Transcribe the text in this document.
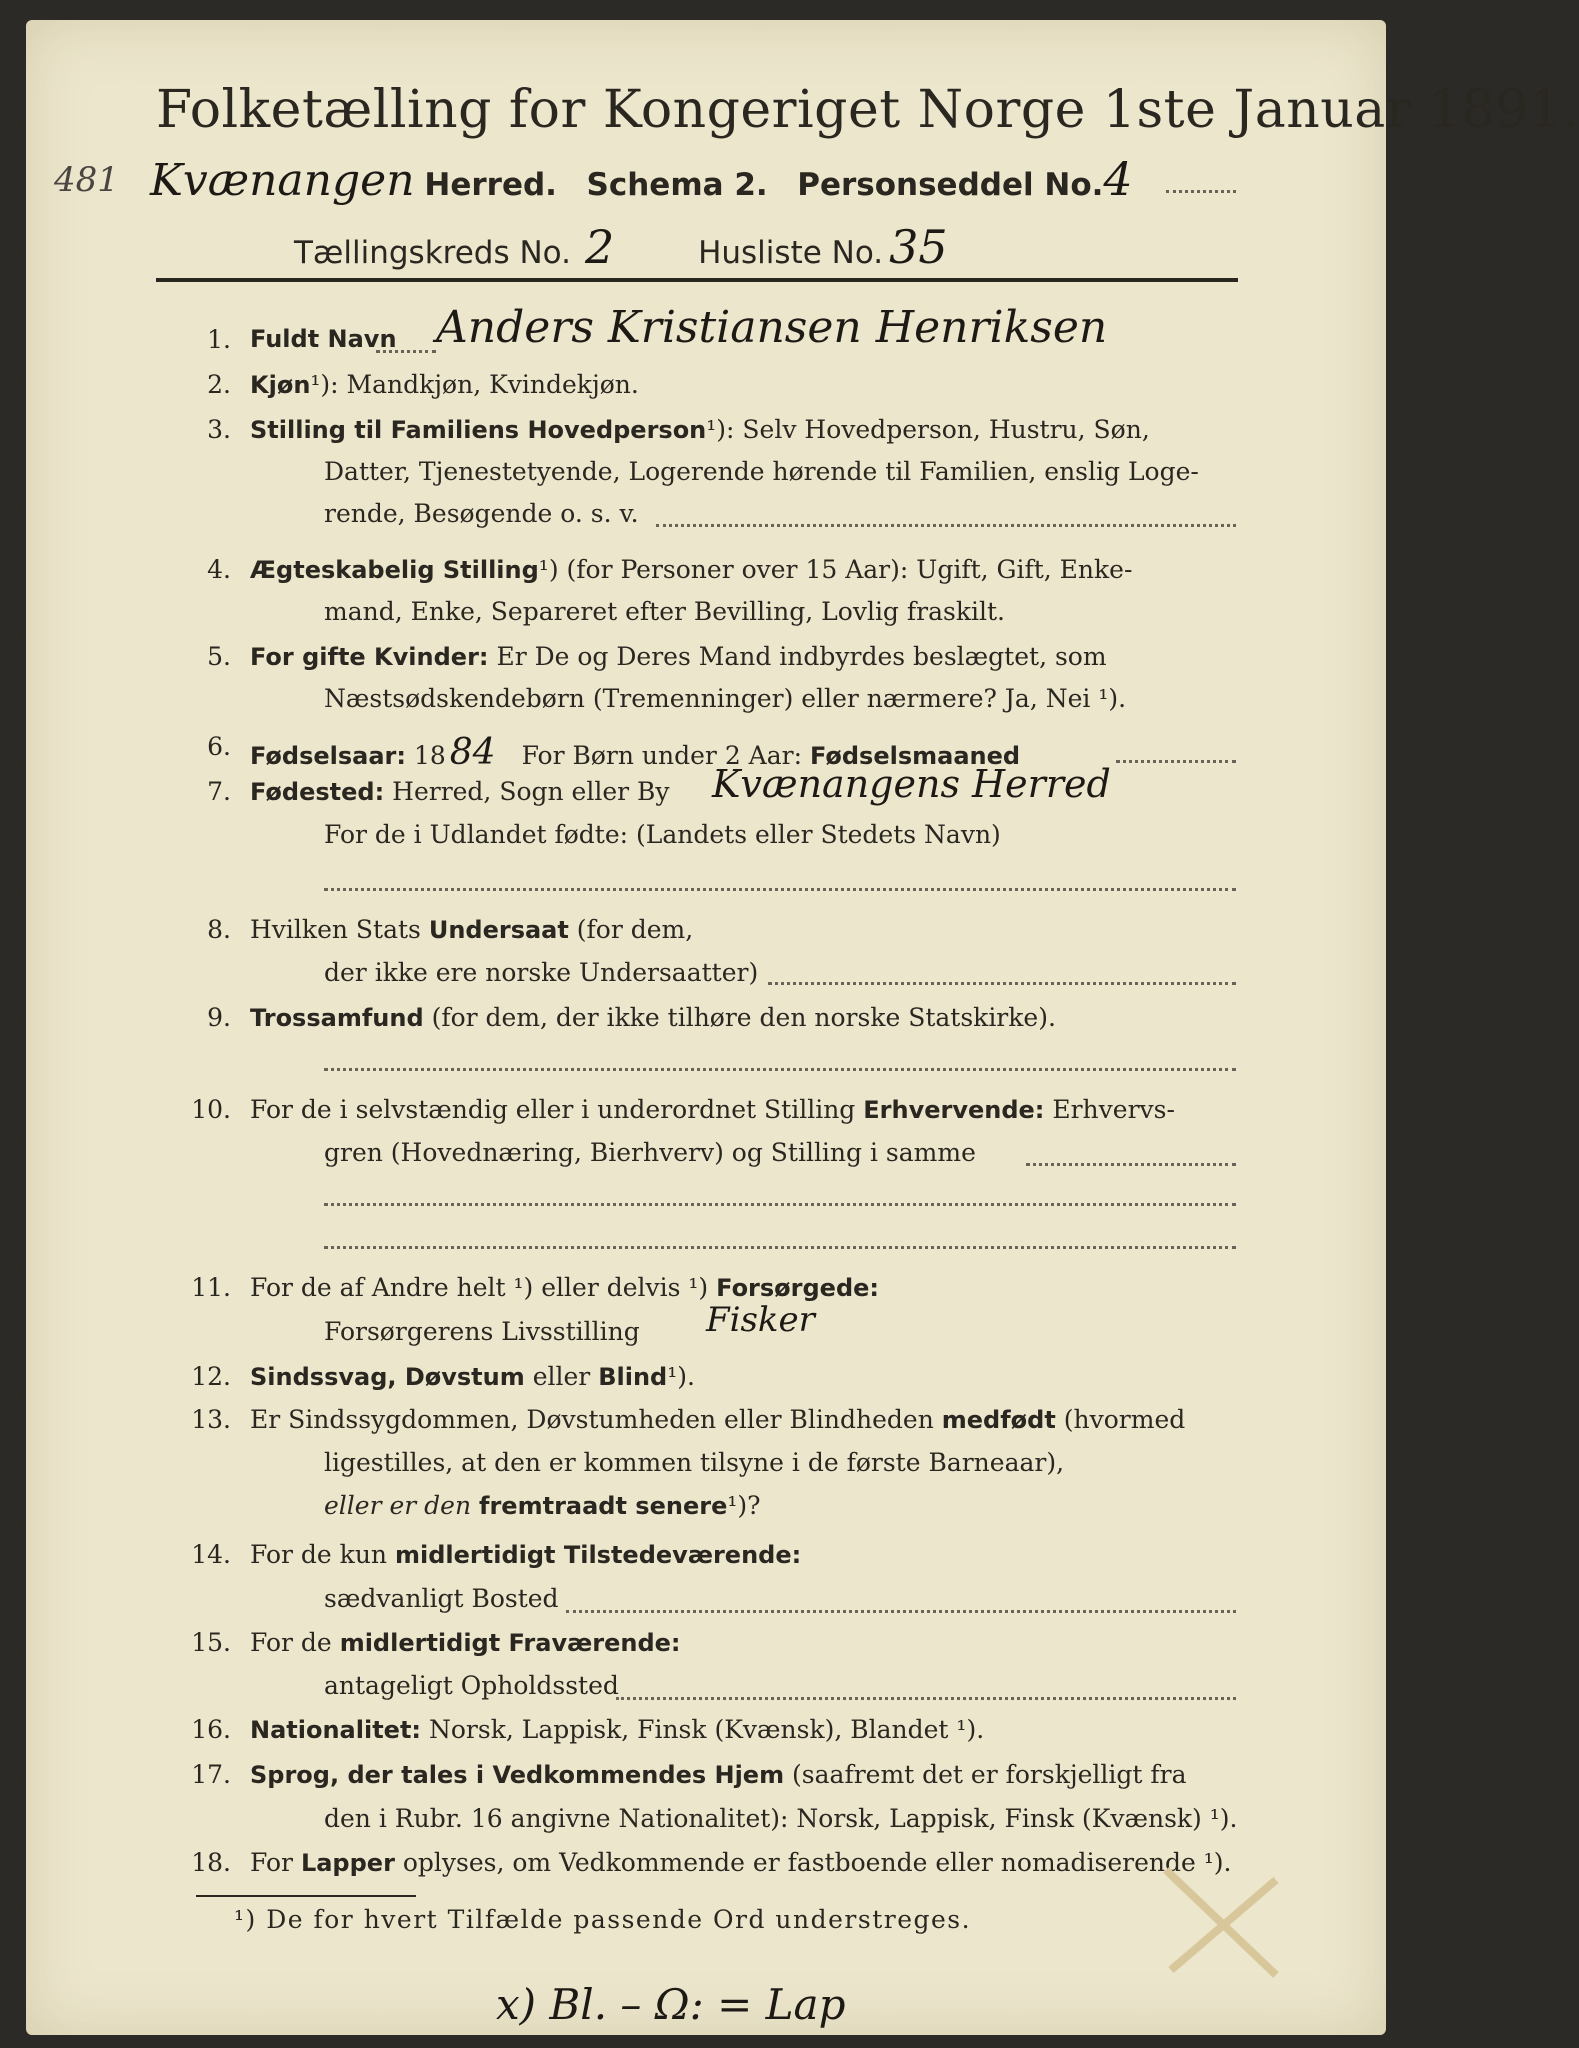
481
Folketælling for Kongeriget Norge 1ste Januar 1891.
Kvænangen Herred. Schema 2. Personseddel No.4
Tællingskreds No. 2	Husliste No. 35
1. Fuldt Navn Anders Kristiansen Henriksen
2. Kjøn¹): Mandkjøn, Kvindekjøn.
3. Stilling til Familiens Hovedperson¹): Selv Hovedperson, Hustru, Søn,
Datter, Tjenestetyende, Logerende hørende til Familien, enslig Loge-
rende, Besøgende o. s. v.
4. Ægteskabelig Stilling¹) (for Personer over 15 Aar): Ugift, Gift, Enke-
mand, Enke, Separeret efter Bevilling, Lovlig fraskilt.
5. For gifte Kvinder: Er De og Deres Mand indbyrdes beslægtet, som
Næstsødskendebørn (Tremenninger) eller nærmere? Ja, Nei ¹).
6. Fødselsaar: 18 84 For Børn under 2 Aar: Fødselsmaaned
7. Fødested: Herred, Sogn eller By Kvænangens Herred
For de i Udlandet fødte: (Landets eller Stedets Navn)
8. Hvilken Stats Undersaat (for dem,
der ikke ere norske Undersaatter)
9. Trossamfund (for dem, der ikke tilhøre den norske Statskirke).
10. For de i selvstændig eller i underordnet Stilling Erhvervende: Erhvervs-
gren (Hovednæring, Bierhverv) og Stilling i samme
11. For de af Andre helt ¹) eller delvis ¹) Forsørgede:
Forsørgerens Livsstilling Fisker
12. Sindssvag, Døvstum eller Blind¹).
13. Er Sindssygdommen, Døvstumheden eller Blindheden medfødt (hvormed
ligestilles, at den er kommen tilsyne i de første Barneaar),
eller er den fremtraadt senere¹)?
14. For de kun midlertidigt Tilstedeværende:
sædvanligt Bosted
15. For de midlertidigt Fraværende:
antageligt Opholdssted
16. Nationalitet: Norsk, Lappisk, Finsk (Kvænsk), Blandet ¹).
17. Sprog, der tales i Vedkommendes Hjem (saafremt det er forskjelligt fra
den i Rubr. 16 angivne Nationalitet): Norsk, Lappisk, Finsk (Kvænsk) ¹).
18. For Lapper oplyses, om Vedkommende er fastboende eller nomadiserende ¹).
¹) De for hvert Tilfælde passende Ord understreges.
x) Bl. – Ω: = Lap
